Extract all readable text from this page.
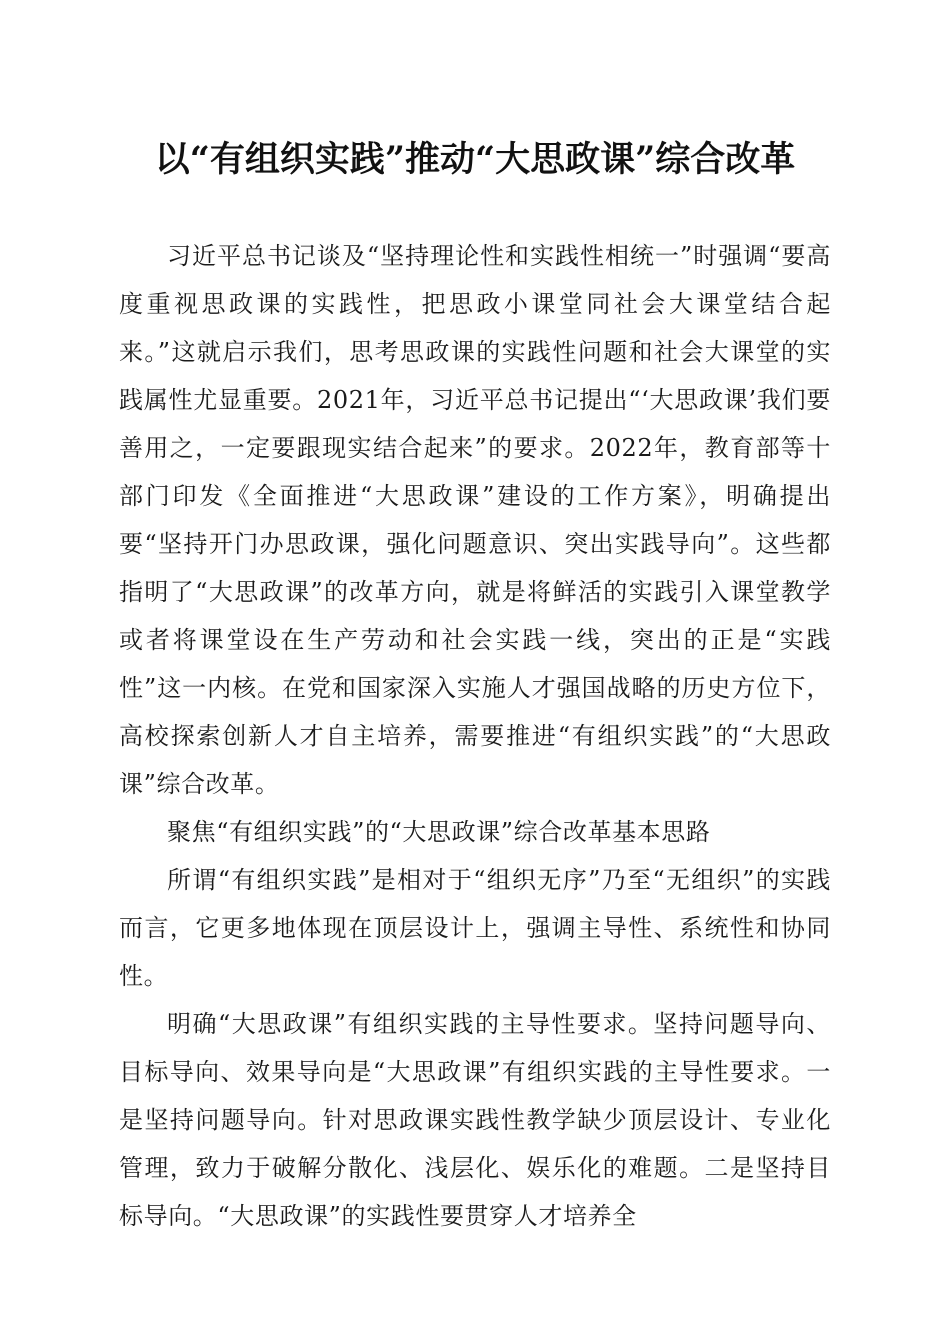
以“有组织实践”推动“大思政课”综合改革

习近平总书记谈及“坚持理论性和实践性相统一”时强调“要高度重视思政课的实践性，把思政小课堂同社会大课堂结合起来。”这就启示我们，思考思政课的实践性问题和社会大课堂的实践属性尤显重要。2021年，习近平总书记提出“‘大思政课’我们要善用之，一定要跟现实结合起来”的要求。2022年，教育部等十部门印发《全面推进“大思政课”建设的工作方案》，明确提出要“坚持开门办思政课，强化问题意识、突出实践导向”。这些都指明了“大思政课”的改革方向，就是将鲜活的实践引入课堂教学或者将课堂设在生产劳动和社会实践一线，突出的正是“实践性”这一内核。在党和国家深入实施人才强国战略的历史方位下，高校探索创新人才自主培养，需要推进“有组织实践”的“大思政课”综合改革。

聚焦“有组织实践”的“大思政课”综合改革基本思路

所谓“有组织实践”是相对于“组织无序”乃至“无组织”的实践而言，它更多地体现在顶层设计上，强调主导性、系统性和协同性。

明确“大思政课”有组织实践的主导性要求。坚持问题导向、目标导向、效果导向是“大思政课”有组织实践的主导性要求。一是坚持问题导向。针对思政课实践性教学缺少顶层设计、专业化管理，致力于破解分散化、浅层化、娱乐化的难题。二是坚持目标导向。“大思政课”的实践性要贯穿人才培养全
